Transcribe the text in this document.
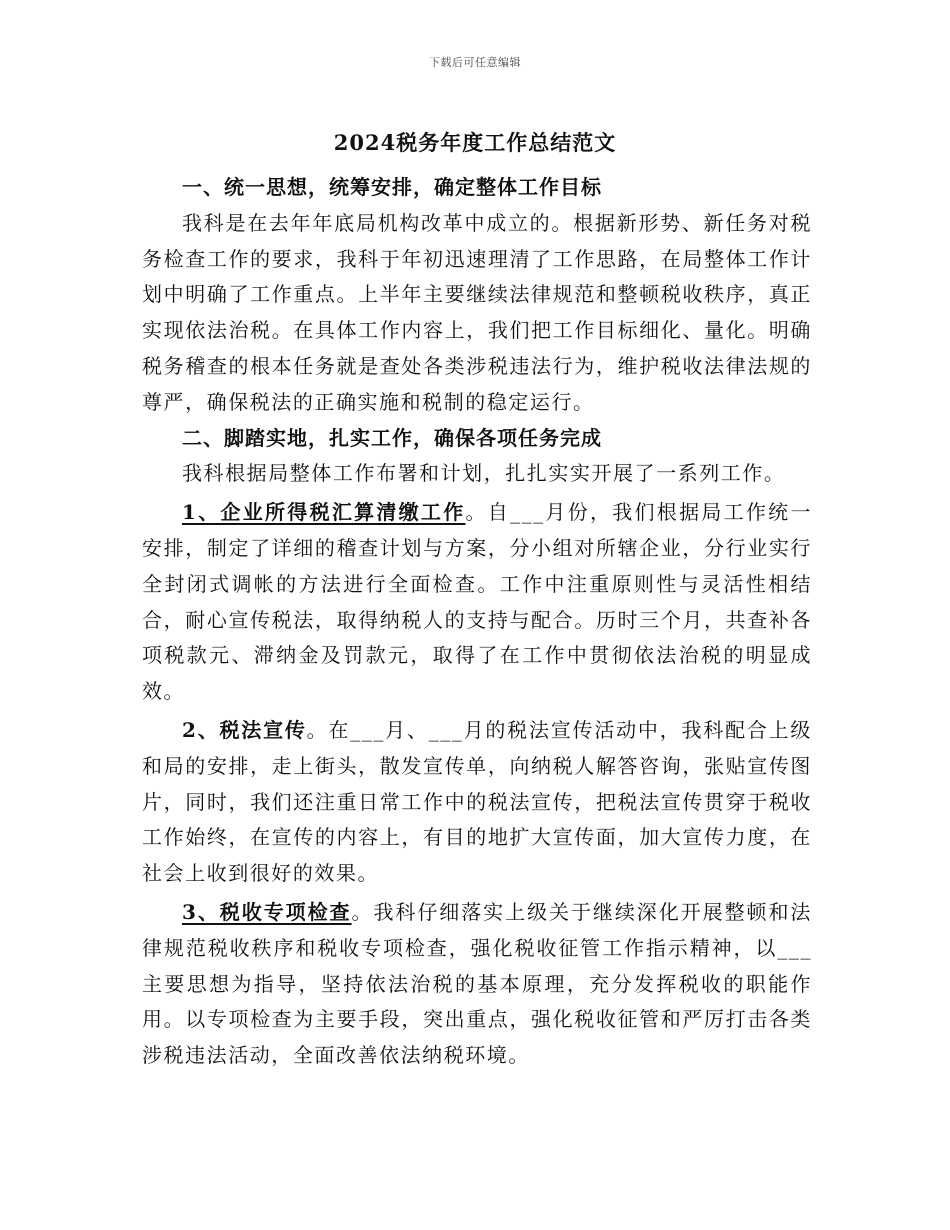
下载后可任意编辑
2024税务年度工作总结范文

一、统一思想，统筹安排，确定整体工作目标

我科是在去年年底局机构改革中成立的。根据新形势、新任务对税务检查工作的要求，我科于年初迅速理清了工作思路，在局整体工作计划中明确了工作重点。上半年主要继续法律规范和整顿税收秩序，真正实现依法治税。在具体工作内容上，我们把工作目标细化、量化。明确税务稽查的根本任务就是查处各类涉税违法行为，维护税收法律法规的尊严，确保税法的正确实施和税制的稳定运行。

二、脚踏实地，扎实工作，确保各项任务完成

我科根据局整体工作布署和计划，扎扎实实开展了一系列工作。

1、企业所得税汇算清缴工作。自___月份，我们根据局工作统一安排，制定了详细的稽查计划与方案，分小组对所辖企业，分行业实行全封闭式调帐的方法进行全面检查。工作中注重原则性与灵活性相结合，耐心宣传税法，取得纳税人的支持与配合。历时三个月，共查补各项税款元、滞纳金及罚款元，取得了在工作中贯彻依法治税的明显成效。

2、税法宣传。在___月、___月的税法宣传活动中，我科配合上级和局的安排，走上街头，散发宣传单，向纳税人解答咨询，张贴宣传图片，同时，我们还注重日常工作中的税法宣传，把税法宣传贯穿于税收工作始终，在宣传的内容上，有目的地扩大宣传面，加大宣传力度，在社会上收到很好的效果。

3、税收专项检查。我科仔细落实上级关于继续深化开展整顿和法律规范税收秩序和税收专项检查，强化税收征管工作指示精神，以___主要思想为指导，坚持依法治税的基本原理，充分发挥税收的职能作用。以专项检查为主要手段，突出重点，强化税收征管和严厉打击各类涉税违法活动，全面改善依法纳税环境。
